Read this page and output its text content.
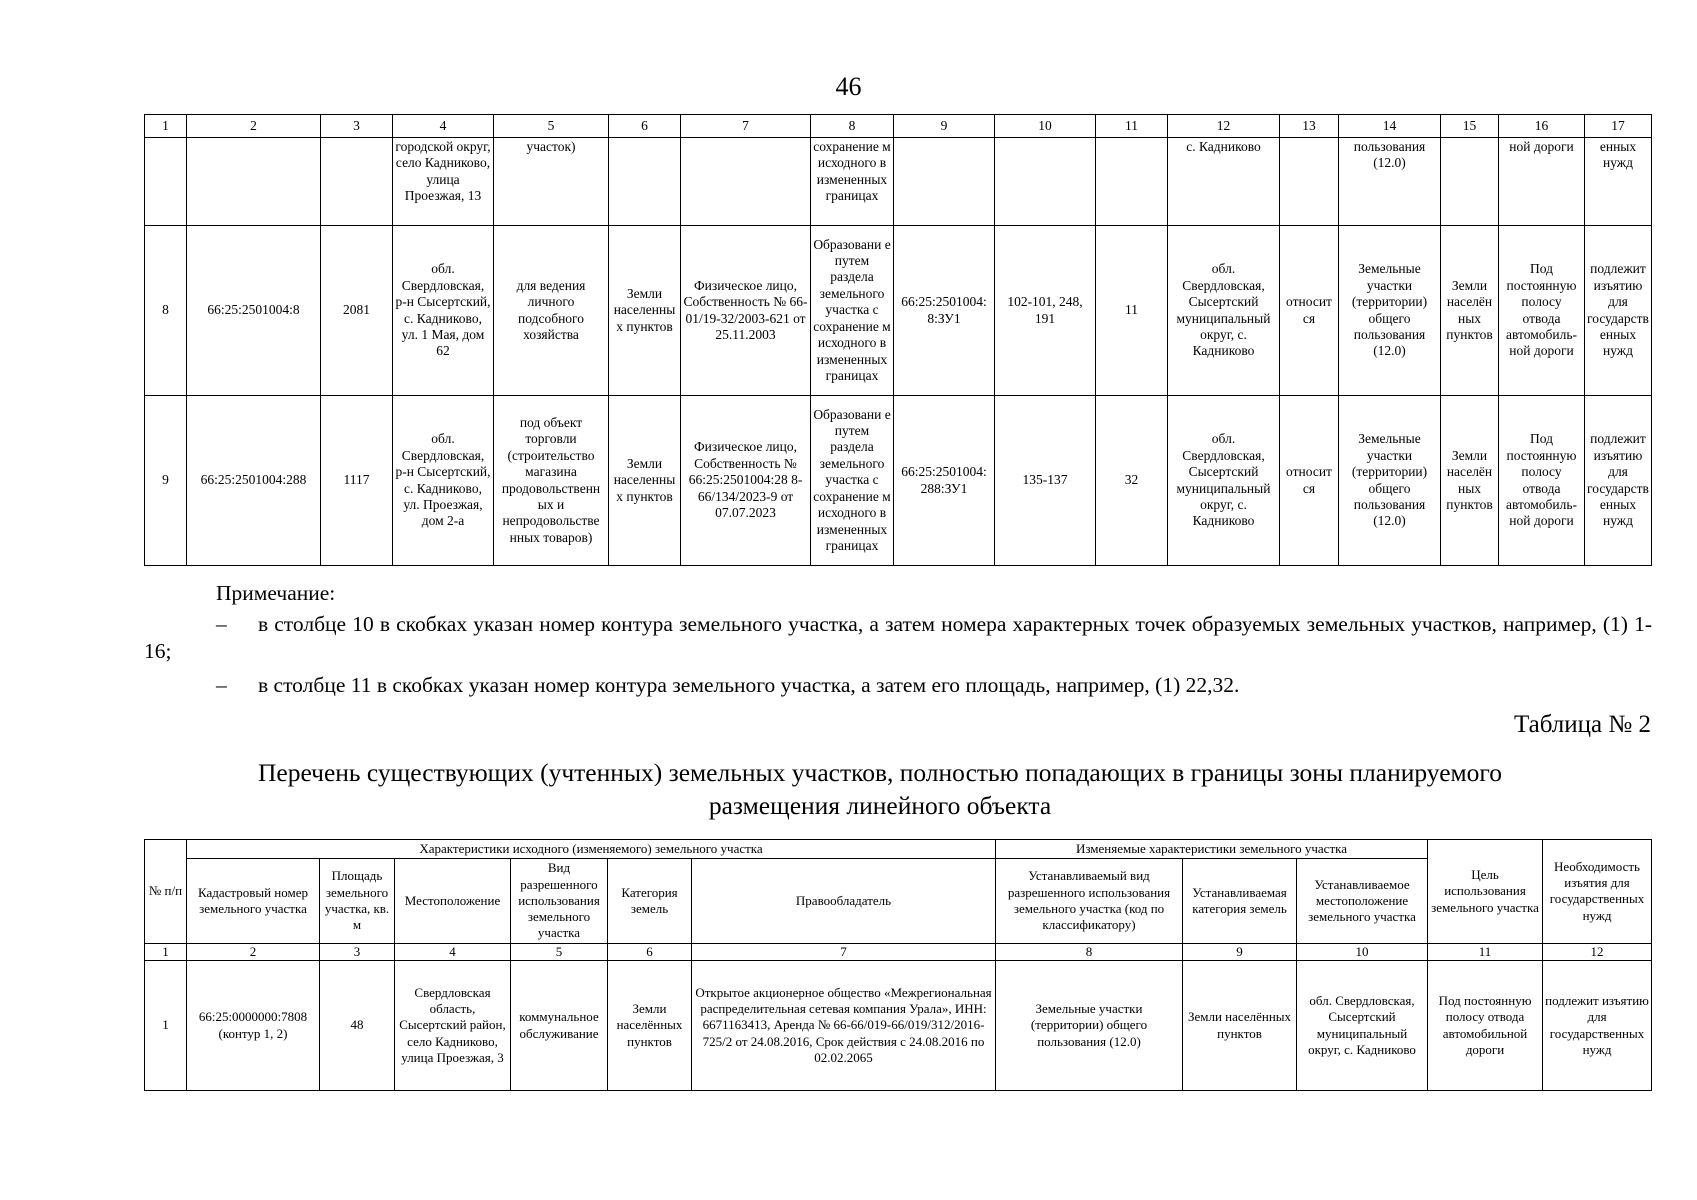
46
1	2	3	4	5	6	7	8	9	10	11	12	13	14	15	16	17
			городской округ, село Кадниково, улица Проезжая, 13	участок)			сохранение м исходного в измененных границах				с. Кадниково		пользования (12.0)		ной дороги	енных нужд
8	66:25:2501004:8	2081	обл. Свердловская, р-н Сысертский, с. Кадниково, ул. 1 Мая, дом 62	для ведения личного подсобного хозяйства	Земли населенны х пунктов	Физическое лицо, Собственность № 66-01/19-32/2003-621 от 25.11.2003	Образовани е путем раздела земельного участка с сохранение м исходного в измененных границах	66:25:2501004: 8:ЗУ1	102-101, 248, 191	11	обл. Свердловская, Сысертский муниципальный округ, с. Кадниково	относит ся	Земельные участки (территории) общего пользования (12.0)	Земли населён ных пунктов	Под постоянную полосу отвода автомобиль-ной дороги	подлежит изъятию для государств енных нужд
9	66:25:2501004:288	1117	обл. Свердловская, р-н Сысертский, с. Кадниково, ул. Проезжая, дом 2-а	под объект торговли (строительство магазина продовольственн ых и непродовольстве нных товаров)	Земли населенны х пунктов	Физическое лицо, Собственность № 66:25:2501004:28 8-66/134/2023-9 от 07.07.2023	Образовани е путем раздела земельного участка с сохранение м исходного в измененных границах	66:25:2501004: 288:ЗУ1	135-137	32	обл. Свердловская, Сысертский муниципальный округ, с. Кадниково	относит ся	Земельные участки (территории) общего пользования (12.0)	Земли населён ных пунктов	Под постоянную полосу отвода автомобиль-ной дороги	подлежит изъятию для государств енных нужд
Примечание:
– в столбце 10 в скобках указан номер контура земельного участка, а затем номера характерных точек образуемых земельных участков, например, (1) 1-16;
– в столбце 11 в скобках указан номер контура земельного участка, а затем его площадь, например, (1) 22,32.
Таблица № 2
Перечень существующих (учтенных) земельных участков, полностью попадающих в границы зоны планируемого размещения линейного объекта
№ п/п	Характеристики исходного (изменяемого) земельного участка						Изменяемые характеристики земельного участка			Цель использования земельного участка	Необходимость изъятия для государственных нужд
	Кадастровый номер земельного участка	Площадь земельного участка, кв. м	Местоположение	Вид разрешенного использования земельного участка	Категория земель	Правообладатель	Устанавливаемый вид разрешенного использования земельного участка (код по классификатору)	Устанавливаемая категория земель	Устанавливаемое местоположение земельного участка		
1	2	3	4	5	6	7	8	9	10	11	12
1	66:25:0000000:7808 (контур 1, 2)	48	Свердловская область, Сысертский район, село Кадниково, улица Проезжая, 3	коммунальное обслуживание	Земли населённых пунктов	Открытое акционерное общество «Межрегиональная распределительная сетевая компания Урала», ИНН: 6671163413, Аренда № 66-66/019-66/019/312/2016-725/2 от 24.08.2016, Срок действия с 24.08.2016 по 02.02.2065	Земельные участки (территории) общего пользования (12.0)	Земли населённых пунктов	обл. Свердловская, Сысертский муниципальный округ, с. Кадниково	Под постоянную полосу отвода автомобильной дороги	подлежит изъятию для государственных нужд
